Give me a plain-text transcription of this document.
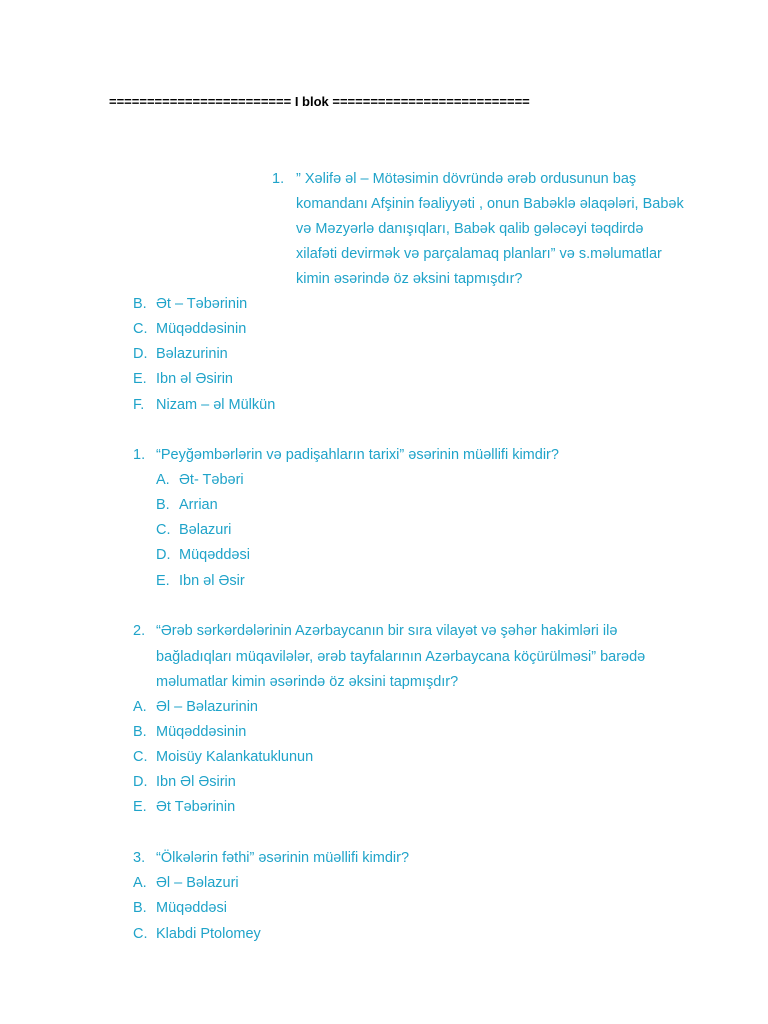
======================== I blok ==========================
1. ” Xəlifə əl – Mötəsimin dövründə ərəb ordusunun baş
komandanı Afşinin fəaliyyəti , onun Babəklə əlaqələri, Babək
və Məzyərlə danışıqları, Babək qalib gələcəyi təqdirdə
xilafəti devirmək və parçalamaq planları” və s.məlumatlar
kimin əsərində öz əksini tapmışdır?
B. Ət – Təbərinin
C. Müqəddəsinin
D. Bəlazurinin
E. Ibn əl Əsirin
F. Nizam – əl Mülkün
1. “Peyğəmbərlərin və padişahların tarixi” əsərinin müəllifi kimdir?
A. Ət- Təbəri
B. Arrian
C. Bəlazuri
D. Müqəddəsi
E. Ibn əl Əsir
2. “Ərəb sərkərdələrinin Azərbaycanın bir sıra vilayət və şəhər hakimləri ilə
bağladıqları müqavilələr, ərəb tayfalarının Azərbaycana köçürülməsi” barədə
məlumatlar kimin əsərində öz əksini tapmışdır?
A. Əl – Bəlazurinin
B. Müqəddəsinin
C. Moisüy Kalankatuklunun
D. Ibn Əl Əsirin
E. Ət Təbərinin
3. “Ölkələrin fəthi” əsərinin müəllifi kimdir?
A. Əl – Bəlazuri
B. Müqəddəsi
C. Klabdi Ptolomey
